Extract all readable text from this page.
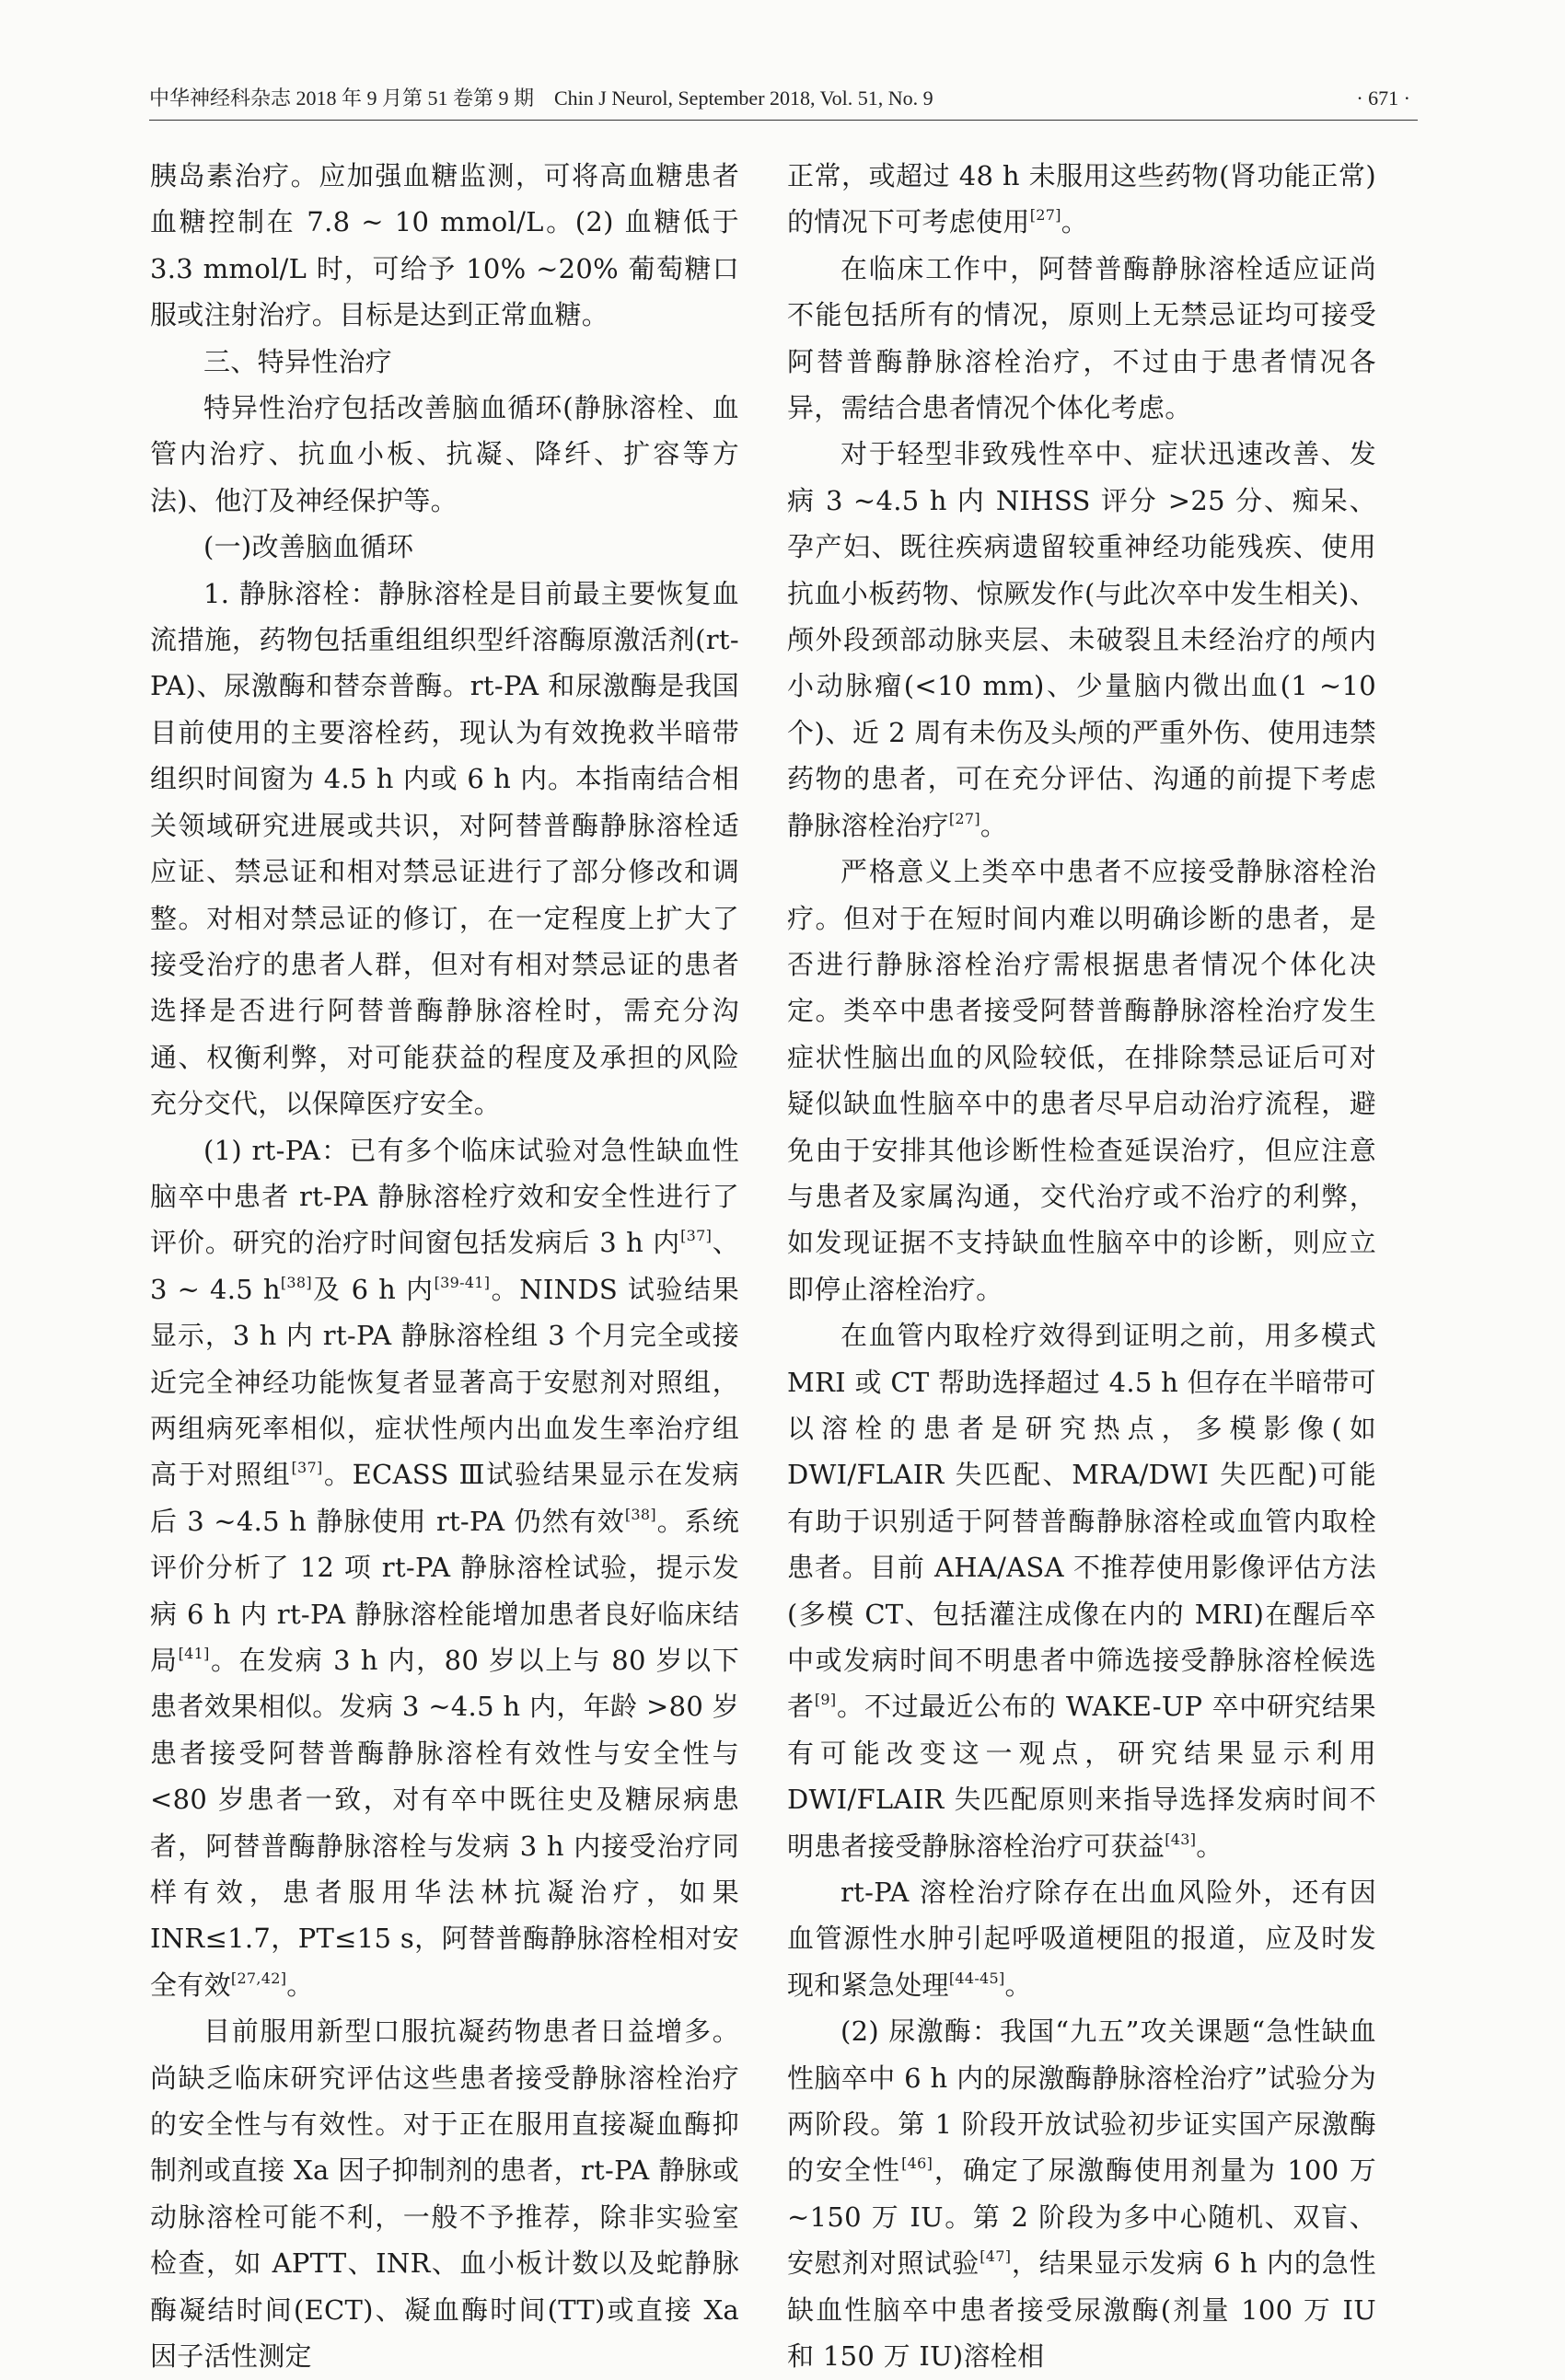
中华神经科杂志 2018 年 9 月第 51 卷第 9 期　Chin J Neurol, September 2018, Vol. 51, No. 9	· 671 ·

胰岛素治疗。应加强血糖监测，可将高血糖患者血糖控制在 7.8 ~ 10 mmol/L。(2) 血糖低于 3.3 mmol/L 时，可给予 10% ~20% 葡萄糖口服或注射治疗。目标是达到正常血糖。

三、特异性治疗

特异性治疗包括改善脑血循环(静脉溶栓、血管内治疗、抗血小板、抗凝、降纤、扩容等方法)、他汀及神经保护等。

(一)改善脑血循环

1. 静脉溶栓：静脉溶栓是目前最主要恢复血流措施，药物包括重组组织型纤溶酶原激活剂(rt-PA)、尿激酶和替奈普酶。rt-PA 和尿激酶是我国目前使用的主要溶栓药，现认为有效挽救半暗带组织时间窗为 4.5 h 内或 6 h 内。本指南结合相关领域研究进展或共识，对阿替普酶静脉溶栓适应证、禁忌证和相对禁忌证进行了部分修改和调整。对相对禁忌证的修订，在一定程度上扩大了接受治疗的患者人群，但对有相对禁忌证的患者选择是否进行阿替普酶静脉溶栓时，需充分沟通、权衡利弊，对可能获益的程度及承担的风险充分交代，以保障医疗安全。

(1) rt-PA：已有多个临床试验对急性缺血性脑卒中患者 rt-PA 静脉溶栓疗效和安全性进行了评价。研究的治疗时间窗包括发病后 3 h 内[37]、3 ~ 4.5 h[38]及 6 h 内[39-41]。NINDS 试验结果显示，3 h 内 rt-PA 静脉溶栓组 3 个月完全或接近完全神经功能恢复者显著高于安慰剂对照组，两组病死率相似，症状性颅内出血发生率治疗组高于对照组[37]。ECASS Ⅲ试验结果显示在发病后 3 ~4.5 h 静脉使用 rt-PA 仍然有效[38]。系统评价分析了 12 项 rt-PA 静脉溶栓试验，提示发病 6 h 内 rt-PA 静脉溶栓能增加患者良好临床结局[41]。在发病 3 h 内，80 岁以上与 80 岁以下患者效果相似。发病 3 ~4.5 h 内，年龄 >80 岁患者接受阿替普酶静脉溶栓有效性与安全性与 <80 岁患者一致，对有卒中既往史及糖尿病患者，阿替普酶静脉溶栓与发病 3 h 内接受治疗同样有效，患者服用华法林抗凝治疗，如果 INR≤1.7，PT≤15 s，阿替普酶静脉溶栓相对安全有效[27,42]。

目前服用新型口服抗凝药物患者日益增多。尚缺乏临床研究评估这些患者接受静脉溶栓治疗的安全性与有效性。对于正在服用直接凝血酶抑制剂或直接 Xa 因子抑制剂的患者，rt-PA 静脉或动脉溶栓可能不利，一般不予推荐，除非实验室检查，如 APTT、INR、血小板计数以及蛇静脉酶凝结时间(ECT)、凝血酶时间(TT)或直接 Xa 因子活性测定

正常，或超过 48 h 未服用这些药物(肾功能正常)的情况下可考虑使用[27]。

在临床工作中，阿替普酶静脉溶栓适应证尚不能包括所有的情况，原则上无禁忌证均可接受阿替普酶静脉溶栓治疗，不过由于患者情况各异，需结合患者情况个体化考虑。

对于轻型非致残性卒中、症状迅速改善、发病 3 ~4.5 h 内 NIHSS 评分 >25 分、痴呆、孕产妇、既往疾病遗留较重神经功能残疾、使用抗血小板药物、惊厥发作(与此次卒中发生相关)、颅外段颈部动脉夹层、未破裂且未经治疗的颅内小动脉瘤(<10 mm)、少量脑内微出血(1 ~10 个)、近 2 周有未伤及头颅的严重外伤、使用违禁药物的患者，可在充分评估、沟通的前提下考虑静脉溶栓治疗[27]。

严格意义上类卒中患者不应接受静脉溶栓治疗。但对于在短时间内难以明确诊断的患者，是否进行静脉溶栓治疗需根据患者情况个体化决定。类卒中患者接受阿替普酶静脉溶栓治疗发生症状性脑出血的风险较低，在排除禁忌证后可对疑似缺血性脑卒中的患者尽早启动治疗流程，避免由于安排其他诊断性检查延误治疗，但应注意与患者及家属沟通，交代治疗或不治疗的利弊，如发现证据不支持缺血性脑卒中的诊断，则应立即停止溶栓治疗。

在血管内取栓疗效得到证明之前，用多模式 MRI 或 CT 帮助选择超过 4.5 h 但存在半暗带可以溶栓的患者是研究热点，多模影像(如 DWI/FLAIR 失匹配、MRA/DWI 失匹配)可能有助于识别适于阿替普酶静脉溶栓或血管内取栓患者。目前 AHA/ASA 不推荐使用影像评估方法(多模 CT、包括灌注成像在内的 MRI)在醒后卒中或发病时间不明患者中筛选接受静脉溶栓候选者[9]。不过最近公布的 WAKE-UP 卒中研究结果有可能改变这一观点，研究结果显示利用 DWI/FLAIR 失匹配原则来指导选择发病时间不明患者接受静脉溶栓治疗可获益[43]。

rt-PA 溶栓治疗除存在出血风险外，还有因血管源性水肿引起呼吸道梗阻的报道，应及时发现和紧急处理[44-45]。

(2) 尿激酶：我国“九五”攻关课题“急性缺血性脑卒中 6 h 内的尿激酶静脉溶栓治疗”试验分为两阶段。第 1 阶段开放试验初步证实国产尿激酶的安全性[46]，确定了尿激酶使用剂量为 100 万 ~150 万 IU。第 2 阶段为多中心随机、双盲、安慰剂对照试验[47]，结果显示发病 6 h 内的急性缺血性脑卒中患者接受尿激酶(剂量 100 万 IU 和 150 万 IU)溶栓相
